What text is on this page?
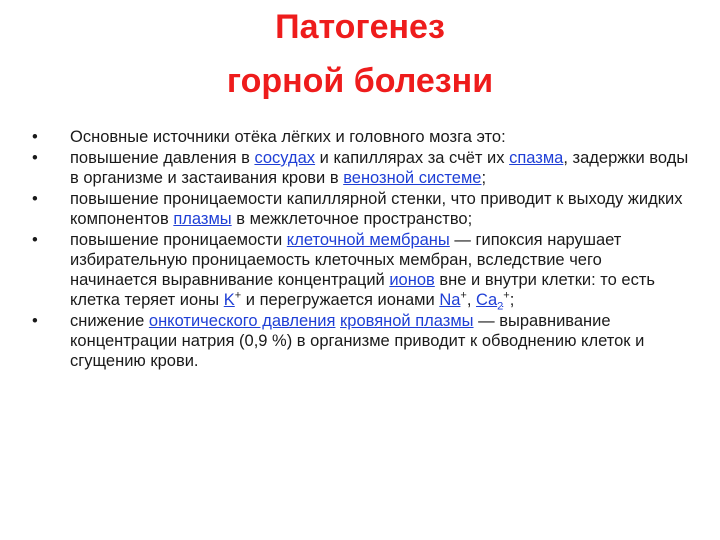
Патогенез
горной болезни
•	Основные источники отёка лёгких и головного мозга это:
•	повышение давления в сосудах и капиллярах за счёт их спазма, задержки воды в организме и застаивания крови в венозной системе;
•	повышение проницаемости капиллярной стенки, что приводит к выходу жидких компонентов плазмы в межклеточное пространство;
•	повышение проницаемости клеточной мембраны — гипоксия нарушает избирательную проницаемость клеточных мембран, вследствие чего начинается выравнивание концентраций ионов вне и внутри клетки: то есть клетка теряет ионы K+ и перегружается ионами Na+, $Ca_2^+$;
•	снижение онкотического давления кровяной плазмы — выравнивание концентрации натрия (0,9 %) в организме приводит к обводнению клеток и сгущению крови.
